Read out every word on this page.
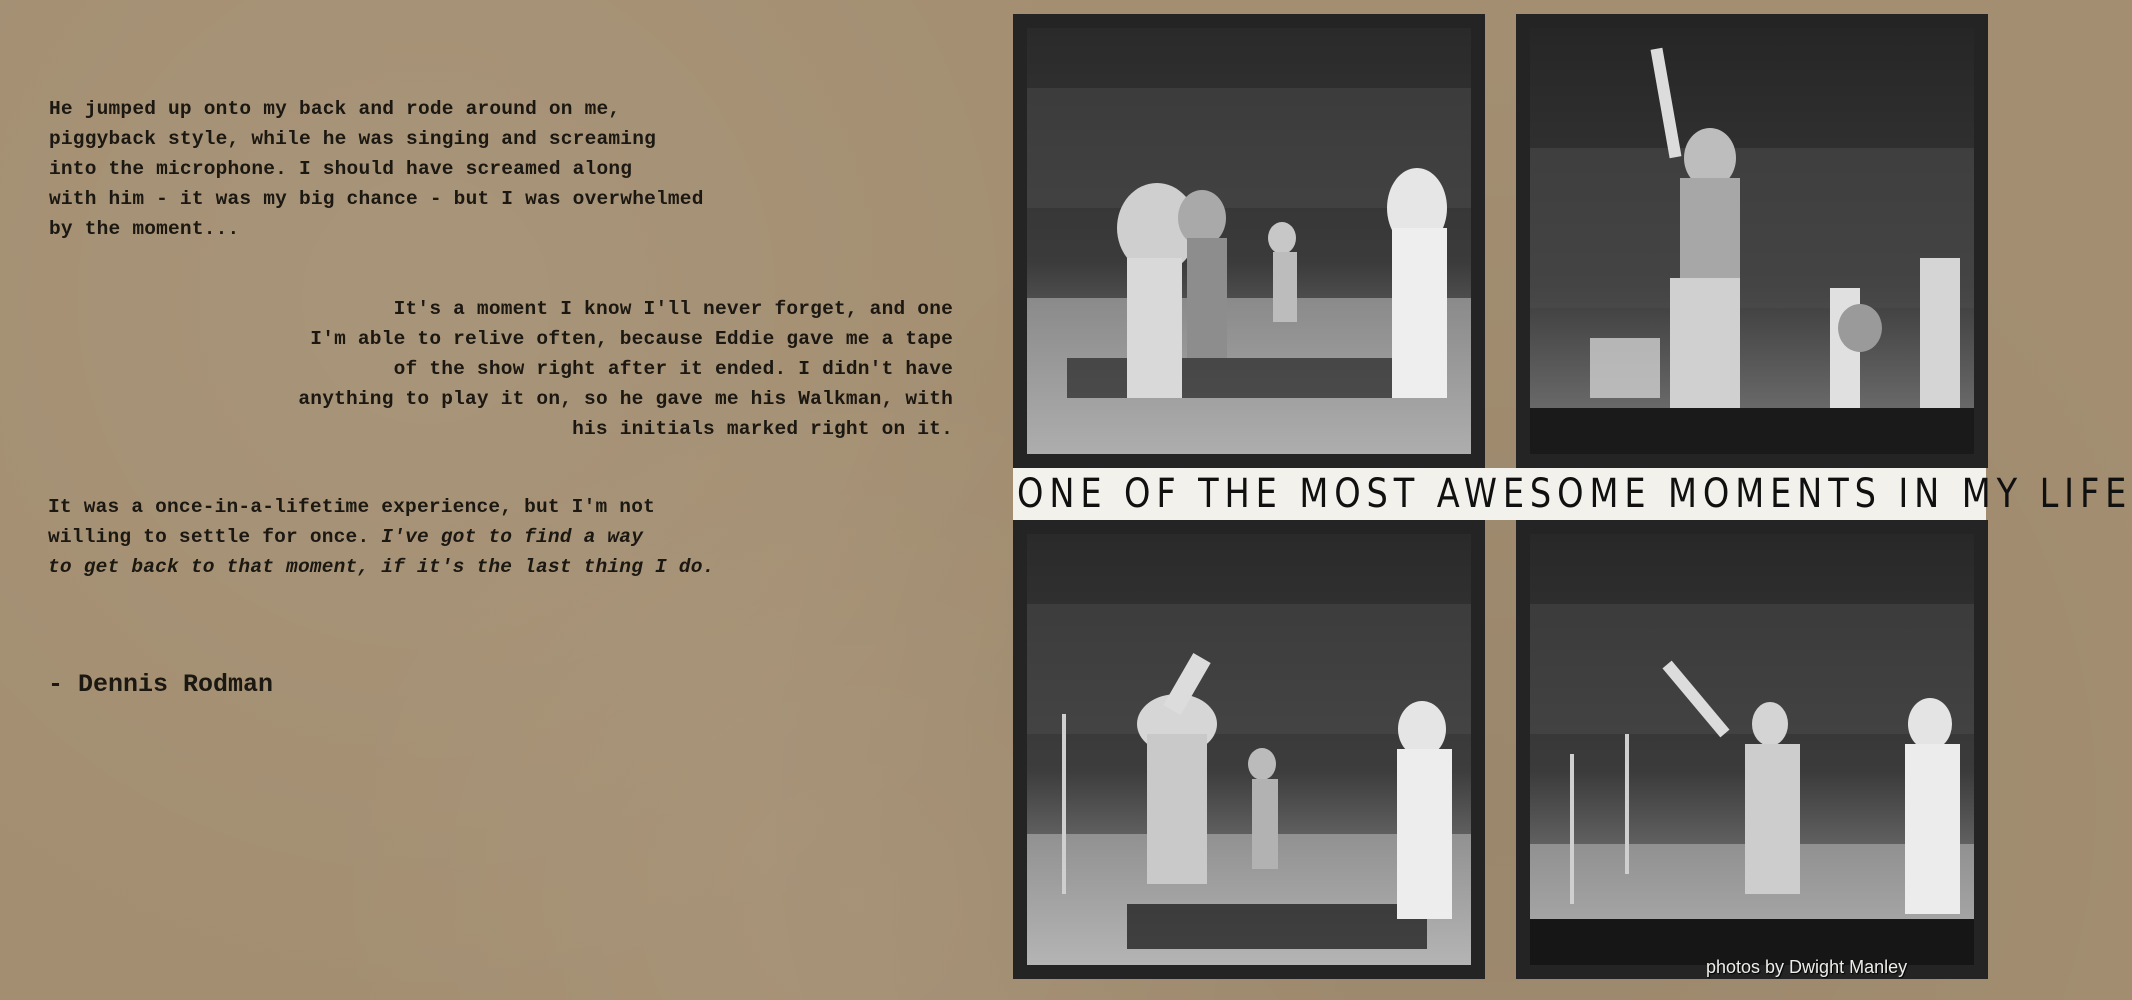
He jumped up onto my back and rode around on me,
piggyback style, while he was singing and screaming
into the microphone. I should have screamed along
with him - it was my big chance - but I was overwhelmed
by the moment...

It's a moment I know I'll never forget, and one
I'm able to relive often, because Eddie gave me a tape
of the show right after it ended. I didn't have
anything to play it on, so he gave me his Walkman, with
his initials marked right on it.

It was a once-in-a-lifetime experience, but I'm not
willing to settle for once. I've got to find a way
to get back to that moment, if it's the last thing I do.

- Dennis Rodman

ONE OF THE MOST AWESOME MOMENTS IN MY LIFE
photos by Dwight Manley
